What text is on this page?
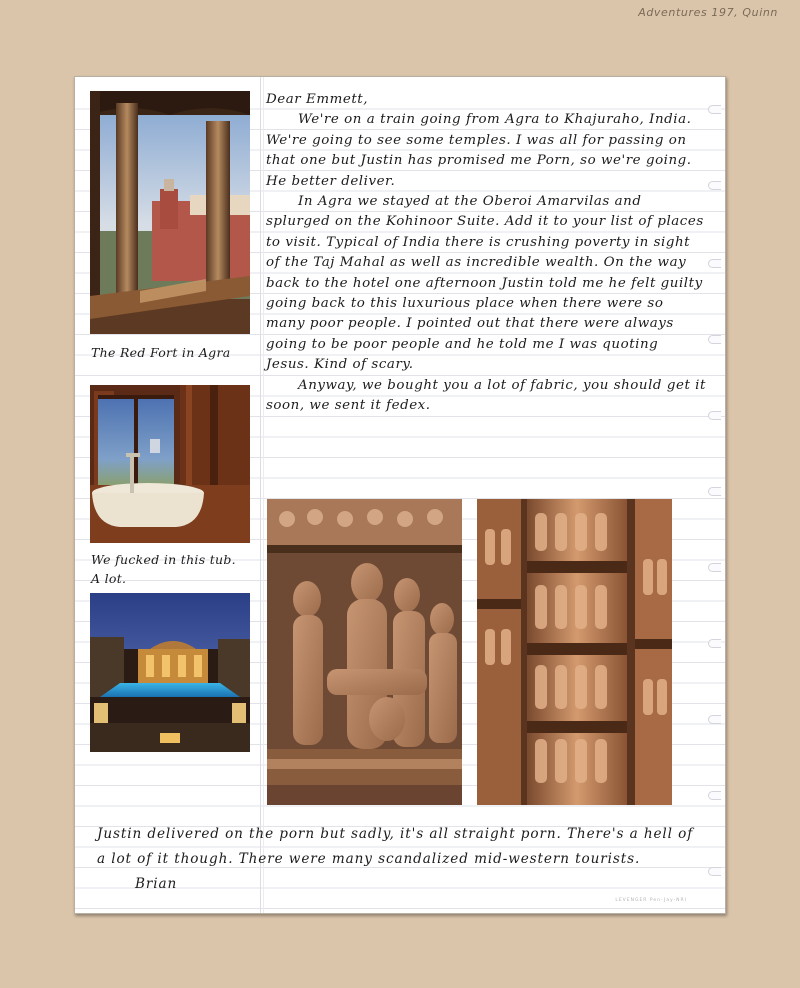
Adventures 197, Quinn

The Red Fort in Agra

We fucked in this tub. A lot.

Dear Emmett,

We're on a train going from Agra to Khajuraho, India. We're going to see some temples. I was all for passing on that one but Justin has promised me Porn, so we're going. He better deliver.

In Agra we stayed at the Oberoi Amarvilas and splurged on the Kohinoor Suite. Add it to your list of places to visit. Typical of India there is crushing poverty in sight of the Taj Mahal as well as incredible wealth. On the way back to the hotel one afternoon Justin told me he felt guilty going back to this luxurious place when there were so many poor people. I pointed out that there were always going to be poor people and he told me I was quoting Jesus. Kind of scary.

Anyway, we bought you a lot of fabric, you should get it soon, we sent it fedex.

Justin delivered on the porn but sadly, it's all straight porn. There's a hell of a lot of it though. There were many scandalized mid-western tourists.Brian

LEVENGER Pen-Jay-NRI
